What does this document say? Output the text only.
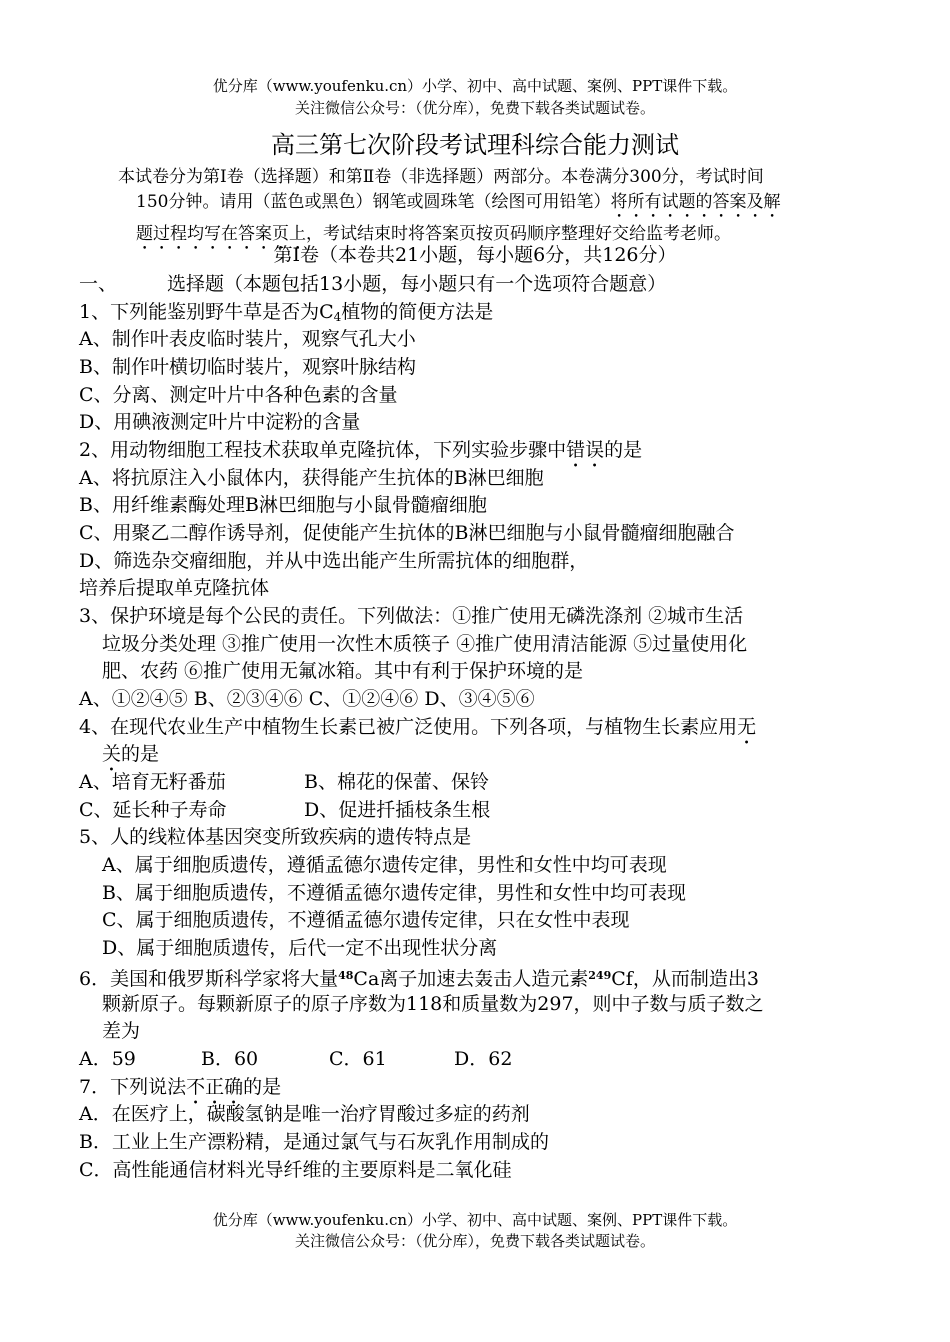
优分库（www.youfenku.cn）小学、初中、高中试题、案例、PPT课件下载。
关注微信公众号：（优分库），免费下载各类试题试卷。
高三第七次阶段考试理科综合能力测试

本试卷分为第Ⅰ卷（选择题）和第Ⅱ卷（非选择题）两部分。本卷满分300分，考试时间

150分钟。请用（蓝色或黑色）钢笔或圆珠笔（绘图可用铅笔）将所有试题的答案及解

题过程均写在答案页上，考试结束时将答案页按页码顺序整理好交给监考老师。

第Ⅰ卷（本卷共21小题，每小题6分，共126分）
一、	选择题（本题包括13小题，每小题只有一个选项符合题意）
1、下列能鉴别野牛草是否为$C_4$植物的简便方法是
A、制作叶表皮临时装片，观察气孔大小
B、制作叶横切临时装片，观察叶脉结构
C、分离、测定叶片中各种色素的含量
D、用碘液测定叶片中淀粉的含量
2、用动物细胞工程技术获取单克隆抗体，下列实验步骤中错误的是
A、将抗原注入小鼠体内，获得能产生抗体的B淋巴细胞
B、用纤维素酶处理B淋巴细胞与小鼠骨髓瘤细胞
C、用聚乙二醇作诱导剂，促使能产生抗体的B淋巴细胞与小鼠骨髓瘤细胞融合
D、筛选杂交瘤细胞，并从中选出能产生所需抗体的细胞群，
培养后提取单克隆抗体
3、保护环境是每个公民的责任。下列做法：①推广使用无磷洗涤剂 ②城市生活
垃圾分类处理 ③推广使用一次性木质筷子 ④推广使用清洁能源 ⑤过量使用化
肥、农药 ⑥推广使用无氟冰箱。其中有利于保护环境的是
A、①②④⑤ B、②③④⑥ C、①②④⑥ D、③④⑤⑥
4、在现代农业生产中植物生长素已被广泛使用。下列各项，与植物生长素应用无
关的是
A、培育无籽番茄	B、棉花的保蕾、保铃
C、延长种子寿命	D、促进扦插枝条生根
5、人的线粒体基因突变所致疾病的遗传特点是
A、属于细胞质遗传，遵循孟德尔遗传定律，男性和女性中均可表现
B、属于细胞质遗传，不遵循孟德尔遗传定律，男性和女性中均可表现
C、属于细胞质遗传，不遵循孟德尔遗传定律，只在女性中表现
D、属于细胞质遗传，后代一定不出现性状分离
6．美国和俄罗斯科学家将大量$^{48}$Ca离子加速去轰击人造元素$^{249}$Cf，从而制造出3
颗新原子。每颗新原子的原子序数为118和质量数为297，则中子数与质子数之
差为
A．59	B．60	C．61	D．62
7．下列说法不正确的是
A．在医疗上，碳酸氢钠是唯一治疗胃酸过多症的药剂
B．工业上生产漂粉精，是通过氯气与石灰乳作用制成的
C．高性能通信材料光导纤维的主要原料是二氧化硅
优分库（www.youfenku.cn）小学、初中、高中试题、案例、PPT课件下载。
关注微信公众号：（优分库），免费下载各类试题试卷。
